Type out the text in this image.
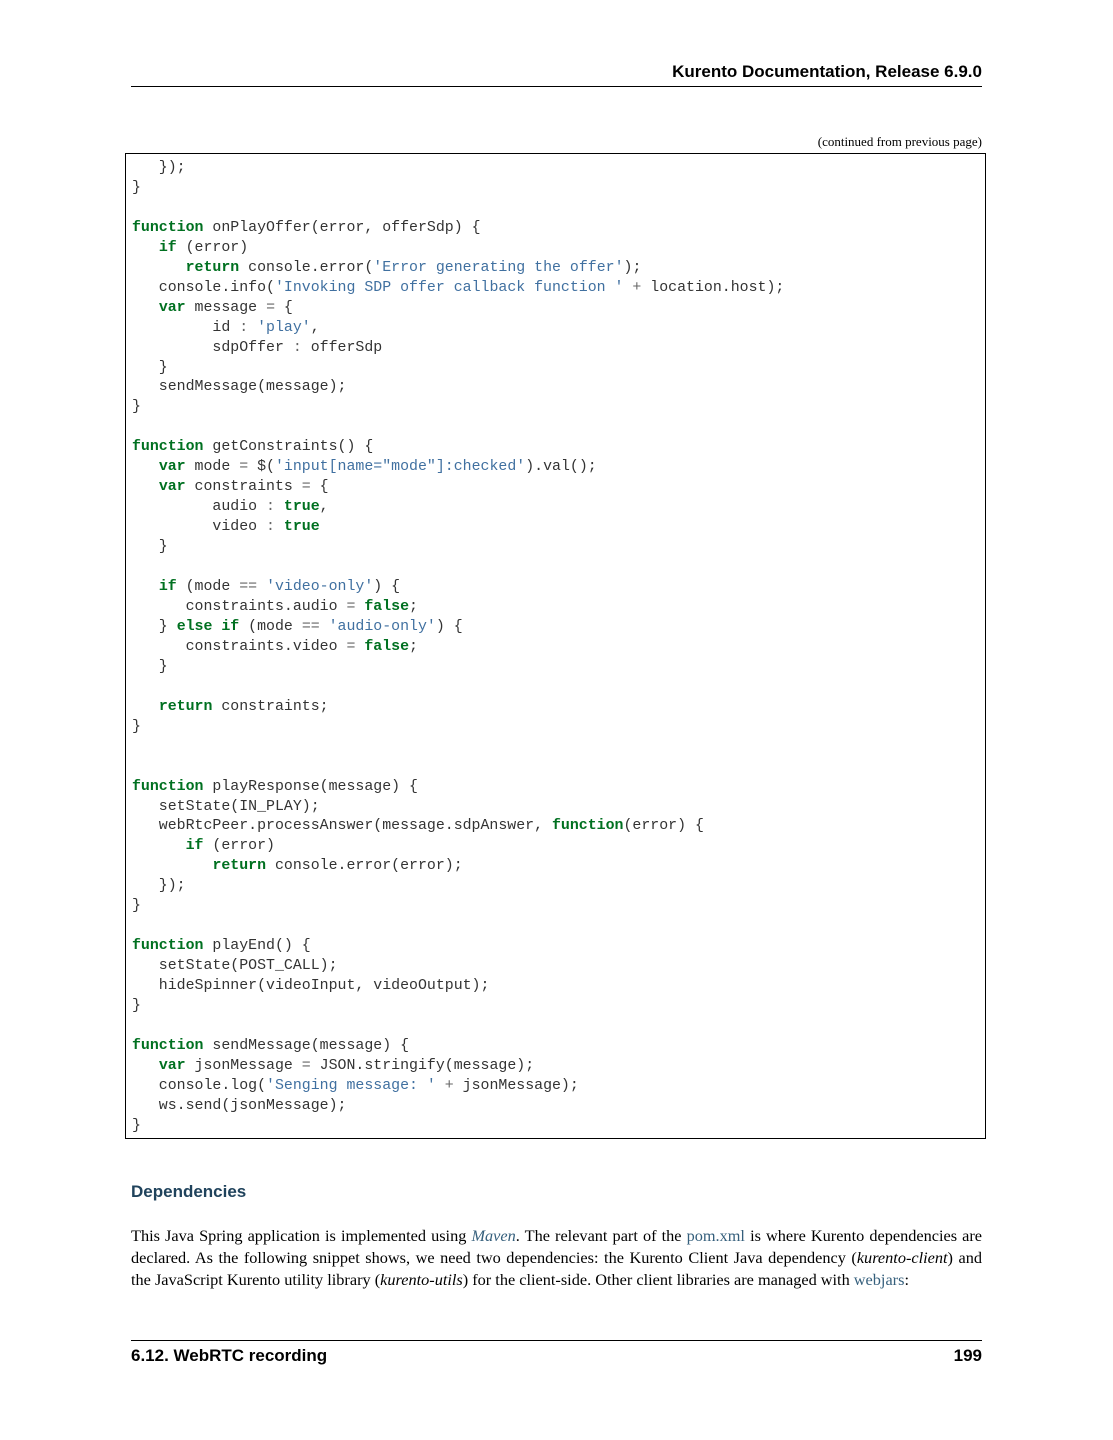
Kurento Documentation, Release 6.9.0
(continued from previous page)
});
}

function onPlayOffer(error, offerSdp) {
if (error)
return console.error('Error generating the offer');
console.info('Invoking SDP offer callback function ' + location.host);
var message = {
id : 'play',
sdpOffer : offerSdp
}
sendMessage(message);
}

function getConstraints() {
var mode = $('input[name="mode"]:checked').val();
var constraints = {
audio : true,
video : true
}

if (mode == 'video-only') {
constraints.audio = false;
} else if (mode == 'audio-only') {
constraints.video = false;
}

return constraints;
}

function playResponse(message) {
setState(IN_PLAY);
webRtcPeer.processAnswer(message.sdpAnswer, function(error) {
if (error)
return console.error(error);
});
}

function playEnd() {
setState(POST_CALL);
hideSpinner(videoInput, videoOutput);
}

function sendMessage(message) {
var jsonMessage = JSON.stringify(message);
console.log('Senging message: ' + jsonMessage);
ws.send(jsonMessage);
}
Dependencies
This Java Spring application is implemented using Maven. The relevant part of the pom.xml is where Kurento dependencies are declared. As the following snippet shows, we need two dependencies: the Kurento Client Java dependency (kurento-client) and the JavaScript Kurento utility library (kurento-utils) for the client-side. Other client libraries are managed with webjars:
6.12. WebRTC recording	199
